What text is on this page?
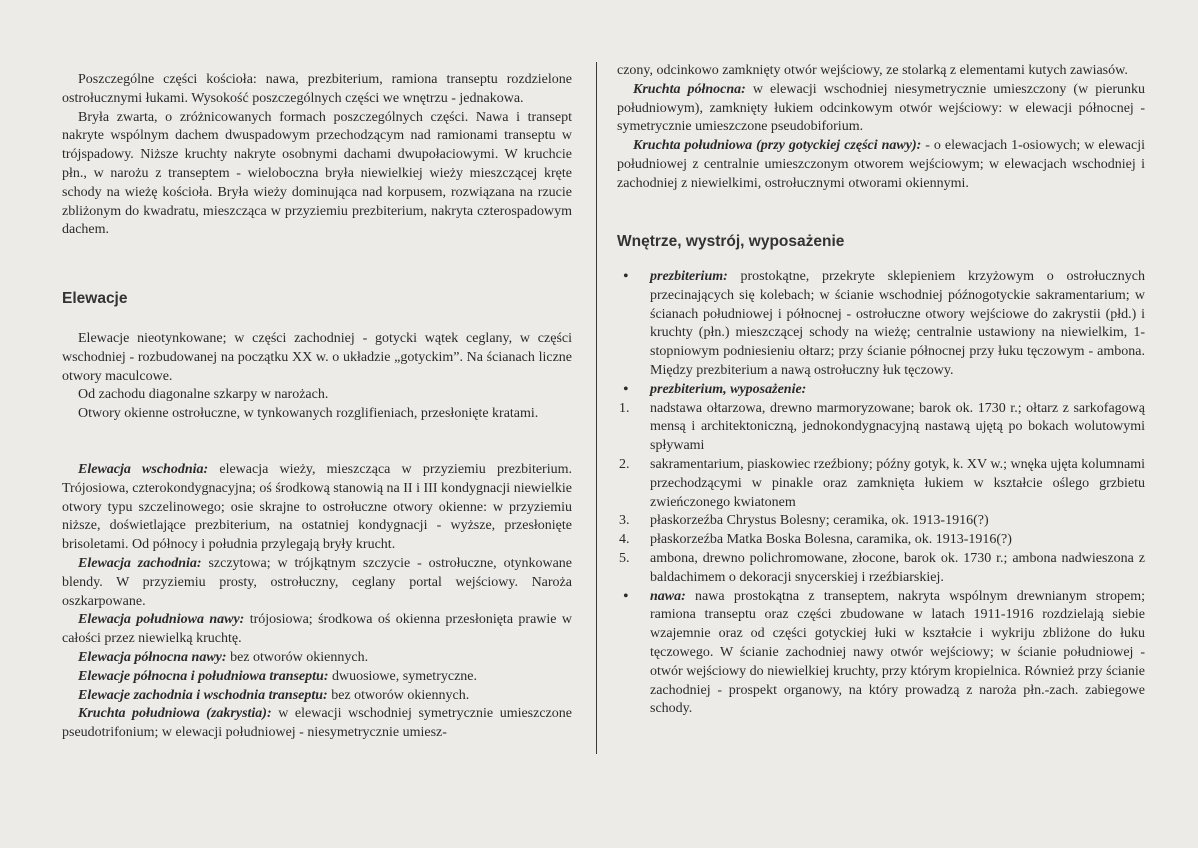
Poszczególne części kościoła: nawa, prezbiterium, ramiona transeptu rozdzielone ostrołucznymi łukami. Wysokość poszczególnych części we wnętrzu - jednakowa.

Bryła zwarta, o zróżnicowanych formach poszczególnych części. Nawa i transept nakryte wspólnym dachem dwuspadowym przechodzącym nad ramionami transeptu w trójspadowy. Niższe kruchty nakryte osobnymi dachami dwupołaciowymi. W kruchcie płn., w narożu z transeptem - wieloboczna bryła niewielkiej wieży mieszczącej kręte schody na wieżę kościoła. Bryła wieży dominująca nad korpusem, rozwiązana na rzucie zbliżonym do kwadratu, mieszcząca w przyziemiu prezbiterium, nakryta czterospadowym dachem.

Elewacje

Elewacje nieotynkowane; w części zachodniej - gotycki wątek ceglany, w części wschodniej - rozbudowanej na początku XX w. o układzie „gotyckim”. Na ścianach liczne otwory maculcowe.

Od zachodu diagonalne szkarpy w narożach.

Otwory okienne ostrołuczne, w tynkowanych rozglifieniach, przesłonięte kratami.

Elewacja wschodnia: elewacja wieży, mieszcząca w przyziemiu prezbiterium. Trójosiowa, czterokondygnacyjna; oś środkową stanowią na II i III kondygnacji niewielkie otwory typu szczelinowego; osie skrajne to ostrołuczne otwory okienne: w przyziemiu niższe, doświetlające prezbiterium, na ostatniej kondygnacji - wyższe, przesłonięte brisoletami. Od północy i południa przylegają bryły krucht.

Elewacja zachodnia: szczytowa; w trójkątnym szczycie - ostrołuczne, otynkowane blendy. W przyziemiu prosty, ostrołuczny, ceglany portal wejściowy. Naroża oszkarpowane.

Elewacja południowa nawy: trójosiowa; środkowa oś okienna przesłonięta prawie w całości przez niewielką kruchtę.

Elewacja północna nawy: bez otworów okiennych.

Elewacje północna i południowa transeptu: dwuosiowe, symetryczne.

Elewacje zachodnia i wschodnia transeptu: bez otworów okiennych.

Kruchta południowa (zakrystia): w elewacji wschodniej symetrycznie umieszczone pseudotrifonium; w elewacji południowej - niesymetrycznie umiesz-

czony, odcinkowo zamknięty otwór wejściowy, ze stolarką z elementami kutych zawiasów.

Kruchta północna: w elewacji wschodniej niesymetrycznie umieszczony (w pierunku południowym), zamknięty łukiem odcinkowym otwór wejściowy: w elewacji północnej - symetrycznie umieszczone pseudobiforium.

Kruchta południowa (przy gotyckiej części nawy): - o elewacjach 1-osiowych; w elewacji południowej z centralnie umieszczonym otworem wejściowym; w elewacjach wschodniej i zachodniej z niewielkimi, ostrołucznymi otworami okiennymi.

Wnętrze, wystrój, wyposażenie

• prezbiterium: prostokątne, przekryte sklepieniem krzyżowym o ostrołucznych przecinających się kolebach; w ścianie wschodniej późnogotyckie sakramentarium; w ścianach południowej i północnej - ostrołuczne otwory wejściowe do zakrystii (płd.) i kruchty (płn.) mieszczącej schody na wieżę; centralnie ustawiony na niewielkim, 1-stopniowym podniesieniu ołtarz; przy ścianie północnej przy łuku tęczowym - ambona. Między prezbiterium a nawą ostrołuczny łuk tęczowy.

• prezbiterium, wyposażenie:

1. nadstawa ołtarzowa, drewno marmoryzowane; barok ok. 1730 r.; ołtarz z sarkofagową mensą i architektoniczną, jednokondygnacyjną nastawą ujętą po bokach wolutowymi spływami

2. sakramentarium, piaskowiec rzeźbiony; późny gotyk, k. XV w.; wnęka ujęta kolumnami przechodzącymi w pinakle oraz zamknięta łukiem w kształcie oślego grzbietu zwieńczonego kwiatonem

3. płaskorzeźba Chrystus Bolesny; ceramika, ok. 1913-1916(?)

4. płaskorzeźba Matka Boska Bolesna, caramika, ok. 1913-1916(?)

5. ambona, drewno polichromowane, złocone, barok ok. 1730 r.; ambona nadwieszona z baldachimem o dekoracji snycerskiej i rzeźbiarskiej.

• nawa: nawa prostokątna z transeptem, nakryta wspólnym drewnianym stropem; ramiona transeptu oraz części zbudowane w latach 1911-1916 rozdzielają siebie wzajemnie oraz od części gotyckiej łuki w kształcie i wykriju zbliżone do łuku tęczowego. W ścianie zachodniej nawy otwór wejściowy; w ścianie południowej - otwór wejściowy do niewielkiej kruchty, przy którym kropielnica. Również przy ścianie zachodniej - prospekt organowy, na który prowadzą z naroża płn.-zach. zabiegowe schody.
